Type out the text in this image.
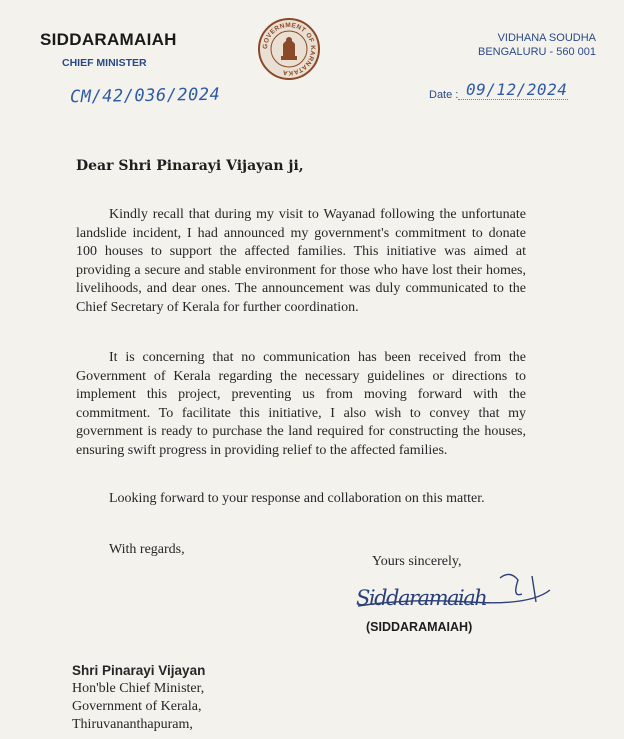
SIDDARAMAIAH
CHIEF MINISTER
GOVERNMENT OF KARNATAKA
VIDHANA SOUDHA
BENGALURU - 560 001
CM/42/036/2024	Date : 09/12/2024
Dear Shri Pinarayi Vijayan ji,

Kindly recall that during my visit to Wayanad following the unfortunate landslide incident, I had announced my government's commitment to donate 100 houses to support the affected families. This initiative was aimed at providing a secure and stable environment for those who have lost their homes, livelihoods, and dear ones. The announcement was duly communicated to the Chief Secretary of Kerala for further coordination.

It is concerning that no communication has been received from the Government of Kerala regarding the necessary guidelines or directions to implement this project, preventing us from moving forward with the commitment. To facilitate this initiative, I also wish to convey that my government is ready to purchase the land required for constructing the houses, ensuring swift progress in providing relief to the affected families.

Looking forward to your response and collaboration on this matter.

With regards,
Yours sincerely,
Siddaramaiah
(SIDDARAMAIAH)
Shri Pinarayi Vijayan
Hon'ble Chief Minister,
Government of Kerala,
Thiruvananthapuram,
